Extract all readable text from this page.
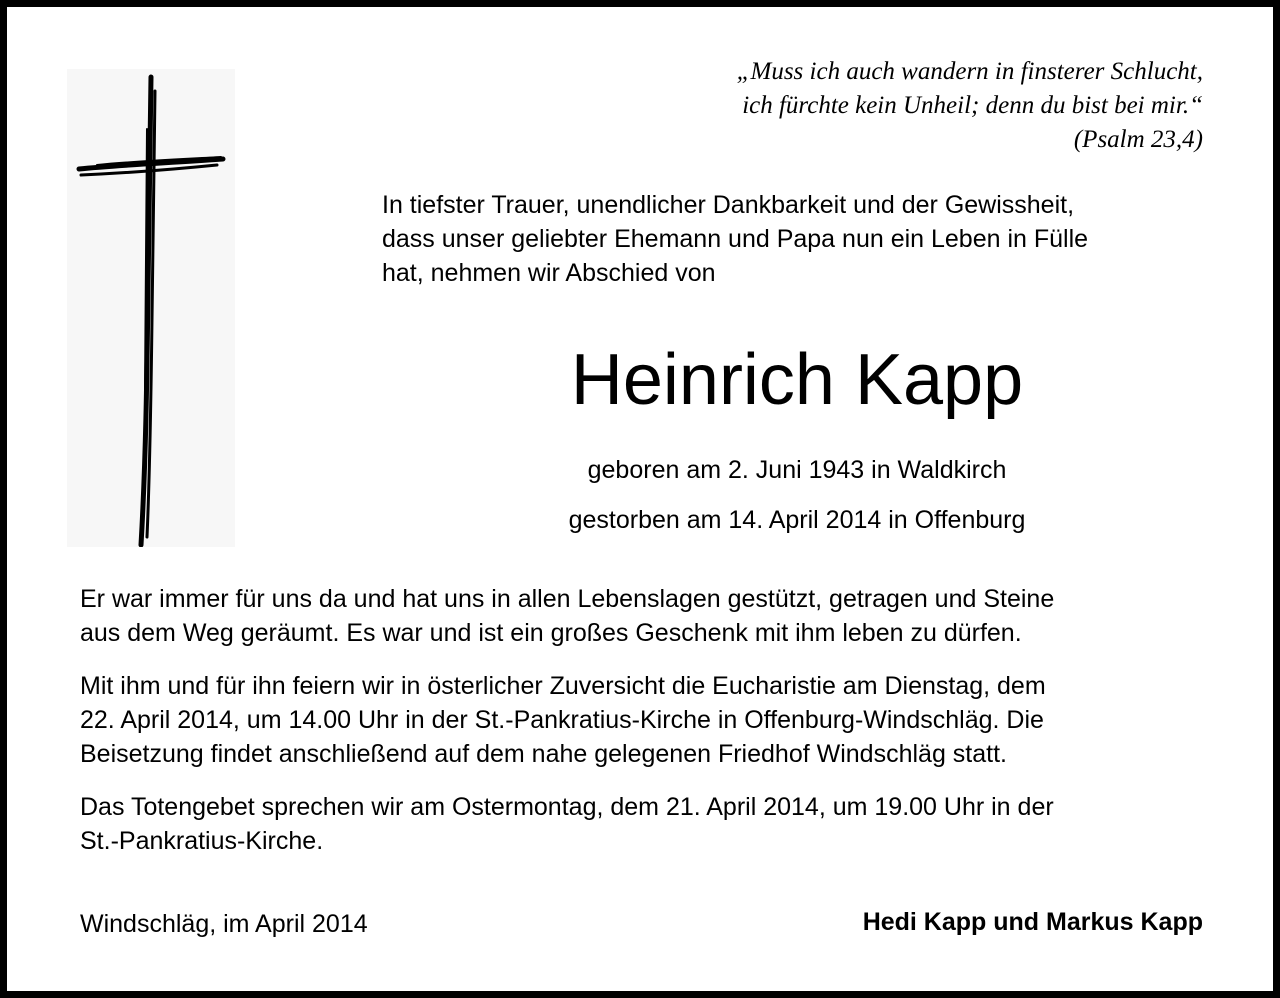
„Muss ich auch wandern in finsterer Schlucht,
ich fürchte kein Unheil; denn du bist bei mir.“
(Psalm 23,4)
In tiefster Trauer, unendlicher Dankbarkeit und der Gewissheit,
dass unser geliebter Ehemann und Papa nun ein Leben in Fülle
hat, nehmen wir Abschied von
Heinrich Kapp
geboren am 2. Juni 1943 in Waldkirch
gestorben am 14. April 2014 in Offenburg

Er war immer für uns da und hat uns in allen Lebenslagen gestützt, getragen und Steine
aus dem Weg geräumt. Es war und ist ein großes Geschenk mit ihm leben zu dürfen.

Mit ihm und für ihn feiern wir in österlicher Zuversicht die Eucharistie am Dienstag, dem
22. April 2014, um 14.00 Uhr in der St.-Pankratius-Kirche in Offenburg-Windschläg. Die
Beisetzung findet anschließend auf dem nahe gelegenen Friedhof Windschläg statt.

Das Totengebet sprechen wir am Ostermontag, dem 21. April 2014, um 19.00 Uhr in der
St.-Pankratius-Kirche.

Windschläg, im April 2014	Hedi Kapp und Markus Kapp
